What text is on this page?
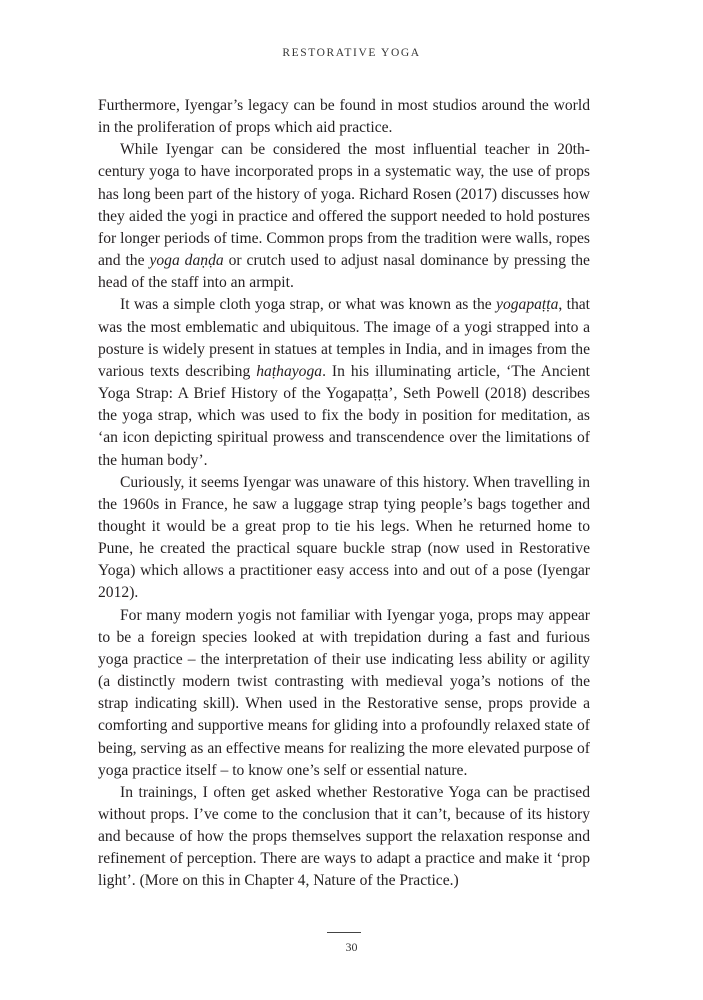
RESTORATIVE YOGA

Furthermore, Iyengar’s legacy can be found in most studios around the world in the proliferation of props which aid practice.

While Iyengar can be considered the most influential teacher in 20th-century yoga to have incorporated props in a systematic way, the use of props has long been part of the history of yoga. Richard Rosen (2017) discusses how they aided the yogi in practice and offered the support needed to hold postures for longer periods of time. Common props from the tradition were walls, ropes and the yoga daṇḍa or crutch used to adjust nasal dominance by pressing the head of the staff into an armpit.

It was a simple cloth yoga strap, or what was known as the yogapaṭṭa, that was the most emblematic and ubiquitous. The image of a yogi strapped into a posture is widely present in statues at temples in India, and in images from the various texts describing haṭhayoga. In his illuminating article, ‘The Ancient Yoga Strap: A Brief History of the Yogapaṭṭa’, Seth Powell (2018) describes the yoga strap, which was used to fix the body in position for meditation, as ‘an icon depicting spiritual prowess and transcendence over the limitations of the human body’.

Curiously, it seems Iyengar was unaware of this history. When travelling in the 1960s in France, he saw a luggage strap tying people’s bags together and thought it would be a great prop to tie his legs. When he returned home to Pune, he created the practical square buckle strap (now used in Restorative Yoga) which allows a practitioner easy access into and out of a pose (Iyengar 2012).

For many modern yogis not familiar with Iyengar yoga, props may appear to be a foreign species looked at with trepidation during a fast and furious yoga practice – the interpretation of their use indicating less ability or agility (a distinctly modern twist contrasting with medieval yoga’s notions of the strap indicating skill). When used in the Restorative sense, props provide a comforting and supportive means for gliding into a profoundly relaxed state of being, serving as an effective means for realizing the more elevated purpose of yoga practice itself – to know one’s self or essential nature.

In trainings, I often get asked whether Restorative Yoga can be practised without props. I’ve come to the conclusion that it can’t, because of its history and because of how the props themselves support the relaxation response and refinement of perception. There are ways to adapt a practice and make it ‘prop light’. (More on this in Chapter 4, Nature of the Practice.)

30
